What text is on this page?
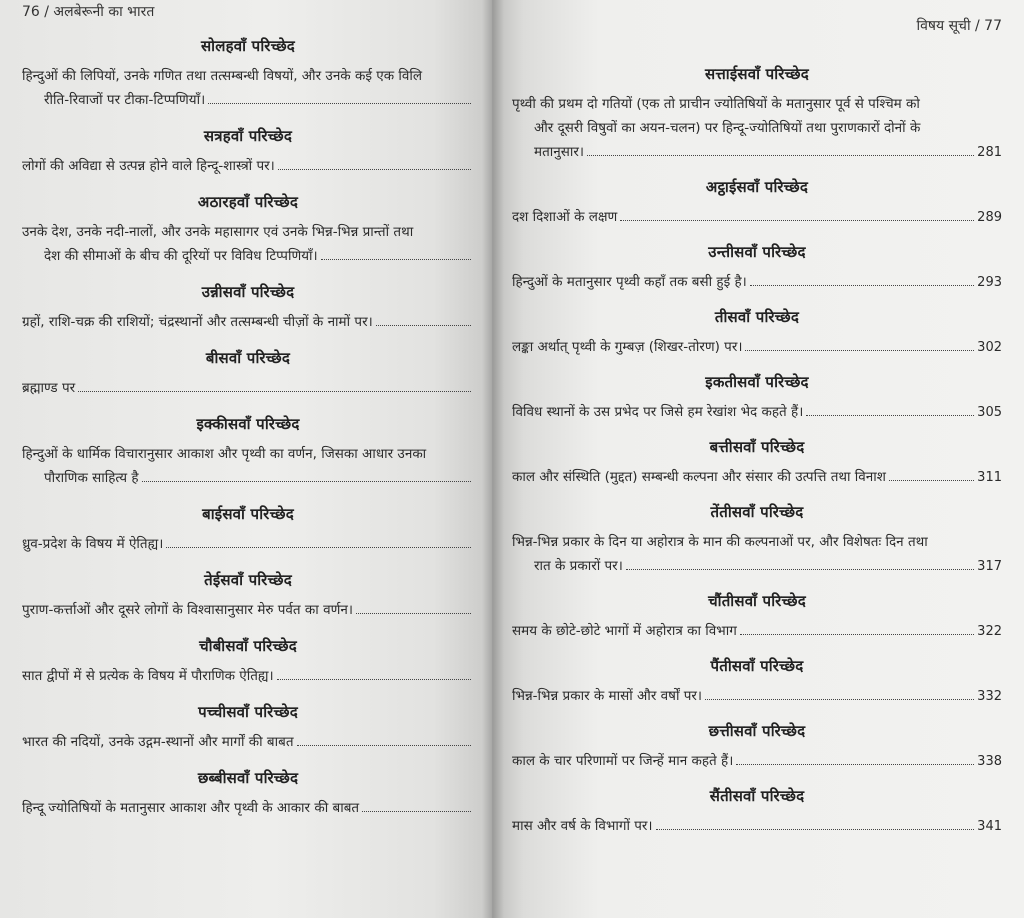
76 / अलबेरूनी का भारत
सोलहवाँ परिच्छेद
हिन्दुओं की लिपियों, उनके गणित तथा तत्सम्बन्धी विषयों, और उनके कई एक विलि
रीति-रिवाजों पर टीका-टिप्पणियाँ।
सत्रहवाँ परिच्छेद
लोगों की अविद्या से उत्पन्न होने वाले हिन्दू-शास्त्रों पर।
अठारहवाँ परिच्छेद
उनके देश, उनके नदी-नालों, और उनके महासागर एवं उनके भिन्न-भिन्न प्रान्तों तथा
देश की सीमाओं के बीच की दूरियों पर विविध टिप्पणियाँ।
उन्नीसवाँ परिच्छेद
ग्रहों, राशि-चक्र की राशियों; चंद्रस्थानों और तत्सम्बन्धी चीज़ों के नामों पर।
बीसवाँ परिच्छेद
ब्रह्माण्ड पर
इक्कीसवाँ परिच्छेद
हिन्दुओं के धार्मिक विचारानुसार आकाश और पृथ्वी का वर्णन, जिसका आधार उनका
पौराणिक साहित्य है
बाईसवाँ परिच्छेद
ध्रुव-प्रदेश के विषय में ऐतिह्य।
तेईसवाँ परिच्छेद
पुराण-कर्त्ताओं और दूसरे लोगों के विश्वासानुसार मेरु पर्वत का वर्णन।
चौबीसवाँ परिच्छेद
सात द्वीपों में से प्रत्येक के विषय में पौराणिक ऐतिह्य।
पच्चीसवाँ परिच्छेद
भारत की नदियों, उनके उद्गम-स्थानों और मार्गों की बाबत
छब्बीसवाँ परिच्छेद
हिन्दू ज्योतिषियों के मतानुसार आकाश और पृथ्वी के आकार की बाबत
विषय सूची / 77
सत्ताईसवाँ परिच्छेद
पृथ्वी की प्रथम दो गतियों (एक तो प्राचीन ज्योतिषियों के मतानुसार पूर्व से पश्चिम को
और दूसरी विषुवों का अयन-चलन) पर हिन्दू-ज्योतिषियों तथा पुराणकारों दोनों के
मतानुसार।	281
अट्ठाईसवाँ परिच्छेद
दश दिशाओं के लक्षण	289
उन्तीसवाँ परिच्छेद
हिन्दुओं के मतानुसार पृथ्वी कहाँ तक बसी हुई है।	293
तीसवाँ परिच्छेद
लङ्का अर्थात् पृथ्वी के गुम्बज़ (शिखर-तोरण) पर।	302
इकतीसवाँ परिच्छेद
विविध स्थानों के उस प्रभेद पर जिसे हम रेखांश भेद कहते हैं।	305
बत्तीसवाँ परिच्छेद
काल और संस्थिति (मुद्दत) सम्बन्धी कल्पना और संसार की उत्पत्ति तथा विनाश	311
तेंतीसवाँ परिच्छेद
भिन्न-भिन्न प्रकार के दिन या अहोरात्र के मान की कल्पनाओं पर, और विशेषतः दिन तथा
रात के प्रकारों पर।	317
चौंतीसवाँ परिच्छेद
समय के छोटे-छोटे भागों में अहोरात्र का विभाग	322
पैंतीसवाँ परिच्छेद
भिन्न-भिन्न प्रकार के मासों और वर्षों पर।	332
छत्तीसवाँ परिच्छेद
काल के चार परिणामों पर जिन्हें मान कहते हैं।	338
सैंतीसवाँ परिच्छेद
मास और वर्ष के विभागों पर।	341
